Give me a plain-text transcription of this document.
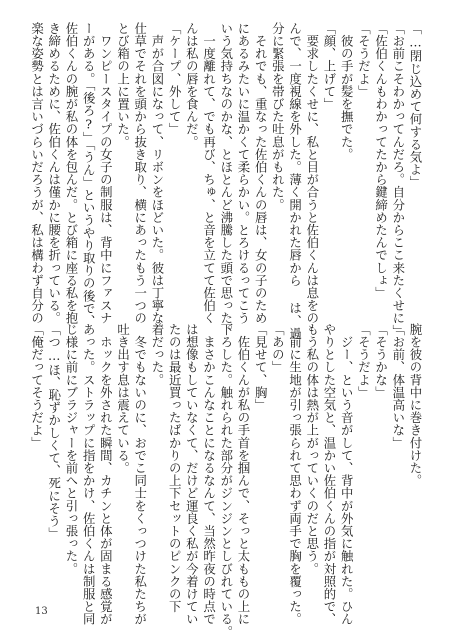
「…閉じ込めて何する気よ」
「お前こそわかってんだろ。自分からここ来たくせに」
「佐伯くんもわかってたから鍵締めたんでしょ」
「そうだよ」
　彼の手が髪を撫でた。
「顔、上げて」
　要求したくせに、私と目が合うと佐伯くんは息をの
んで、一度視線を外した。薄く開かれた唇から は、過
分に緊張を帯びた吐息がもれた。
　それでも、重なった佐伯くんの唇は、女の子のため
にあるみたいに温かくて柔らかい。とろけるってこう
いう気持ちなのかな、とほとんど沸騰した頭で思った。
　一度離れて、でも再び、ちゅ、と音を立てて佐伯く
んは私の唇を食んだ。
「ケープ、外して」
　声が合図になって、リボンをほどいた。彼は丁寧な
仕草でそれを頭から抜き取り、横にあったもう一つの
とび箱の上に置いた。
　ワンピースタイプの女子の制服は、背中にファスナ
ーがある。「後ろ?」「うん」というやり取りの後で、
佐伯くんの腕が私の体を包んだ。とび箱に座る私を抱
き締めるために、佐伯くんは僅かに腰を折っている。
楽な姿勢とは言いづらいだろうが、私は構わず自分の
腕を彼の背中に巻き付けた。
「お前、体温高いな」
「そうかな」
「そうだよ」
　ジー、という音がして、背中が外気に触れた。ひん
やりとした空気と、温かい佐伯くんの指が対照的で、
もう私の体は熱が上がっていくのだと思う。
　前に生地が引っ張られて思わず両手で胸を覆った。
「あの」
「見せて、胸」
　佐伯くんが私の手首を掴んで、そっと太ももの上に
下ろした。触れられた部分がジンジンとしびれている。
　まさかこんなことになるなんて、当然昨夜の時点で
は想像もしていなくて、だけど運良く私が今着けてい
たのは最近買ったばかりの上下セットのピンクの下
着だった。
　冬でもないのに、おでこ同士をくっつけた私たちが
吐き出す息は震えている。
　ホックを外された瞬間、カチンと体が固まる感覚が
あった。ストラップに指をかけ、佐伯くんは制服と同
じ様に前にブラジャーを前へと引っ張った。
「つ…ほ、恥ずかしくて、死にそう」
「俺だってそうだよ」
13
